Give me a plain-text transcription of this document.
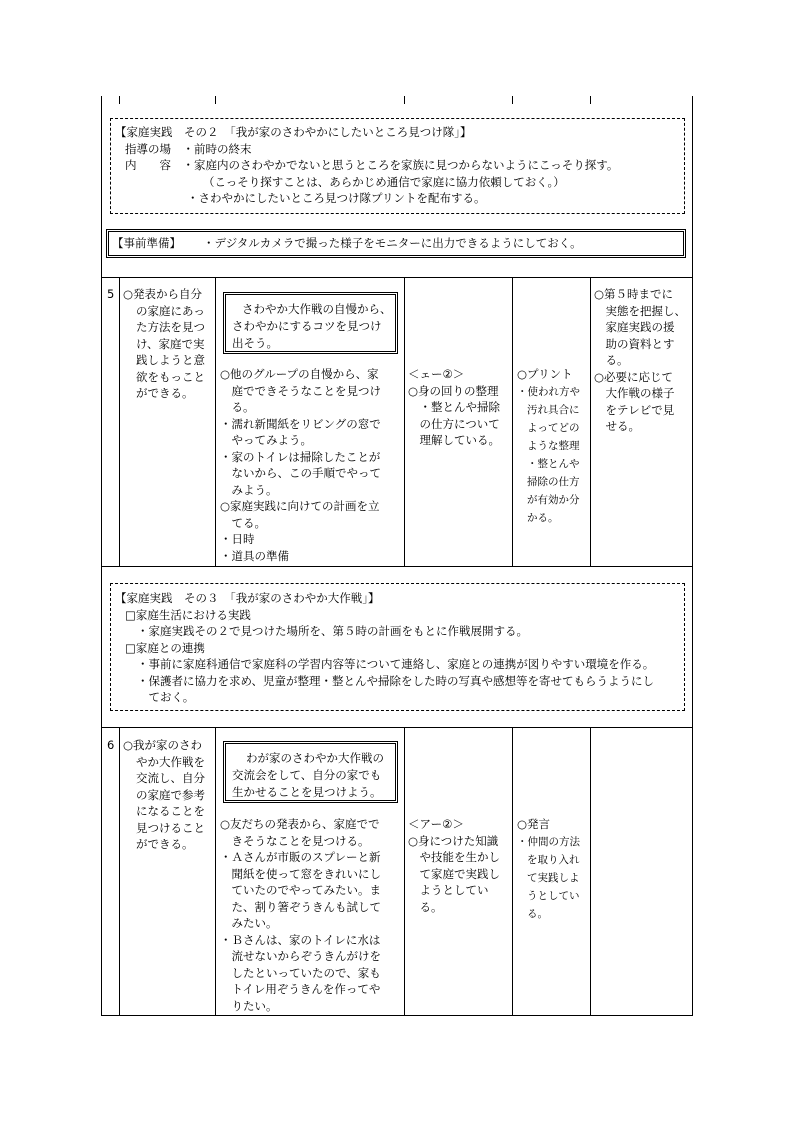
【家庭実践　その２　「我が家のさわやかにしたいところ見つけ隊」】
指導の場　・前時の終末
内　　容　・家庭内のさわやかでないと思うところを家族に見つからないようにこっそり探す。
（こっそり探すことは、あらかじめ通信で家庭に協力依頼しておく。）
・さわやかにしたいところ見つけ隊プリントを配布する。
【事前準備】 ・デジタルカメラで撮った様子をモニターに出力できるようにしておく。
5 ○発表から自分
の家庭にあっ
た方法を見つ
け、家庭で実
践しようと意
欲をもっこと
ができる。
さわやか大作戦の自慢から、
さわやかにするコツを見つけ
出そう。
○他のグループの自慢から、家
　庭でできそうなことを見つけ
　る。
・濡れ新聞紙をリビングの窓で
　やってみよう。
・家のトイレは掃除したことが
　ないから、この手順でやって
　みよう。
○家庭実践に向けての計画を立
　てる。
・日時
・道具の準備
＜ェー②＞
○身の回りの整理
　・整とんや掃除
　の仕方について
　理解している。
○プリント
・使われ方や
汚れ具合に
よってどの
ような整理
・整とんや
掃除の仕方
が有効か分
かる。
○第５時までに
　実態を把握し、
　家庭実践の援
　助の資料とす
　る。
○必要に応じて
　大作戦の様子
　をテレビで見
　せる。
【家庭実践　その３　「我が家のさわやか大作戦」】
□家庭生活における実践
・家庭実践その２で見つけた場所を、第５時の計画をもとに作戦展開する。
□家庭との連携
・事前に家庭科通信で家庭科の学習内容等について連絡し、家庭との連携が図りやすい環境を作る。
・保護者に協力を求め、児童が整理・整とんや掃除をした時の写真や感想等を寄せてもらうようにし
　ておく。
6 ○我が家のさわ
やか大作戦を
交流し、自分
の家庭で参考
になることを
見つけること
ができる。
わが家のさわやか大作戦の
交流会をして、自分の家でも
生かせることを見つけよう。
○友だちの発表から、家庭でで
　きそうなことを見つける。
・Ａさんが市販のスプレーと新
　聞紙を使って窓をきれいにし
　ていたのでやってみたい。ま
　た、割り箸ぞうきんも試して
　みたい。
・Ｂさんは、家のトイレに水は
　流せないからぞうきんがけを
　したといっていたので、家も
　トイレ用ぞうきんを作ってや
　りたい。
＜アー②＞
○身につけた知識
　や技能を生かし
　て家庭で実践し
　ようとしてい
　る。
○発言
・仲間の方法
を取り入れ
て実践しよ
うとしてい
る。
